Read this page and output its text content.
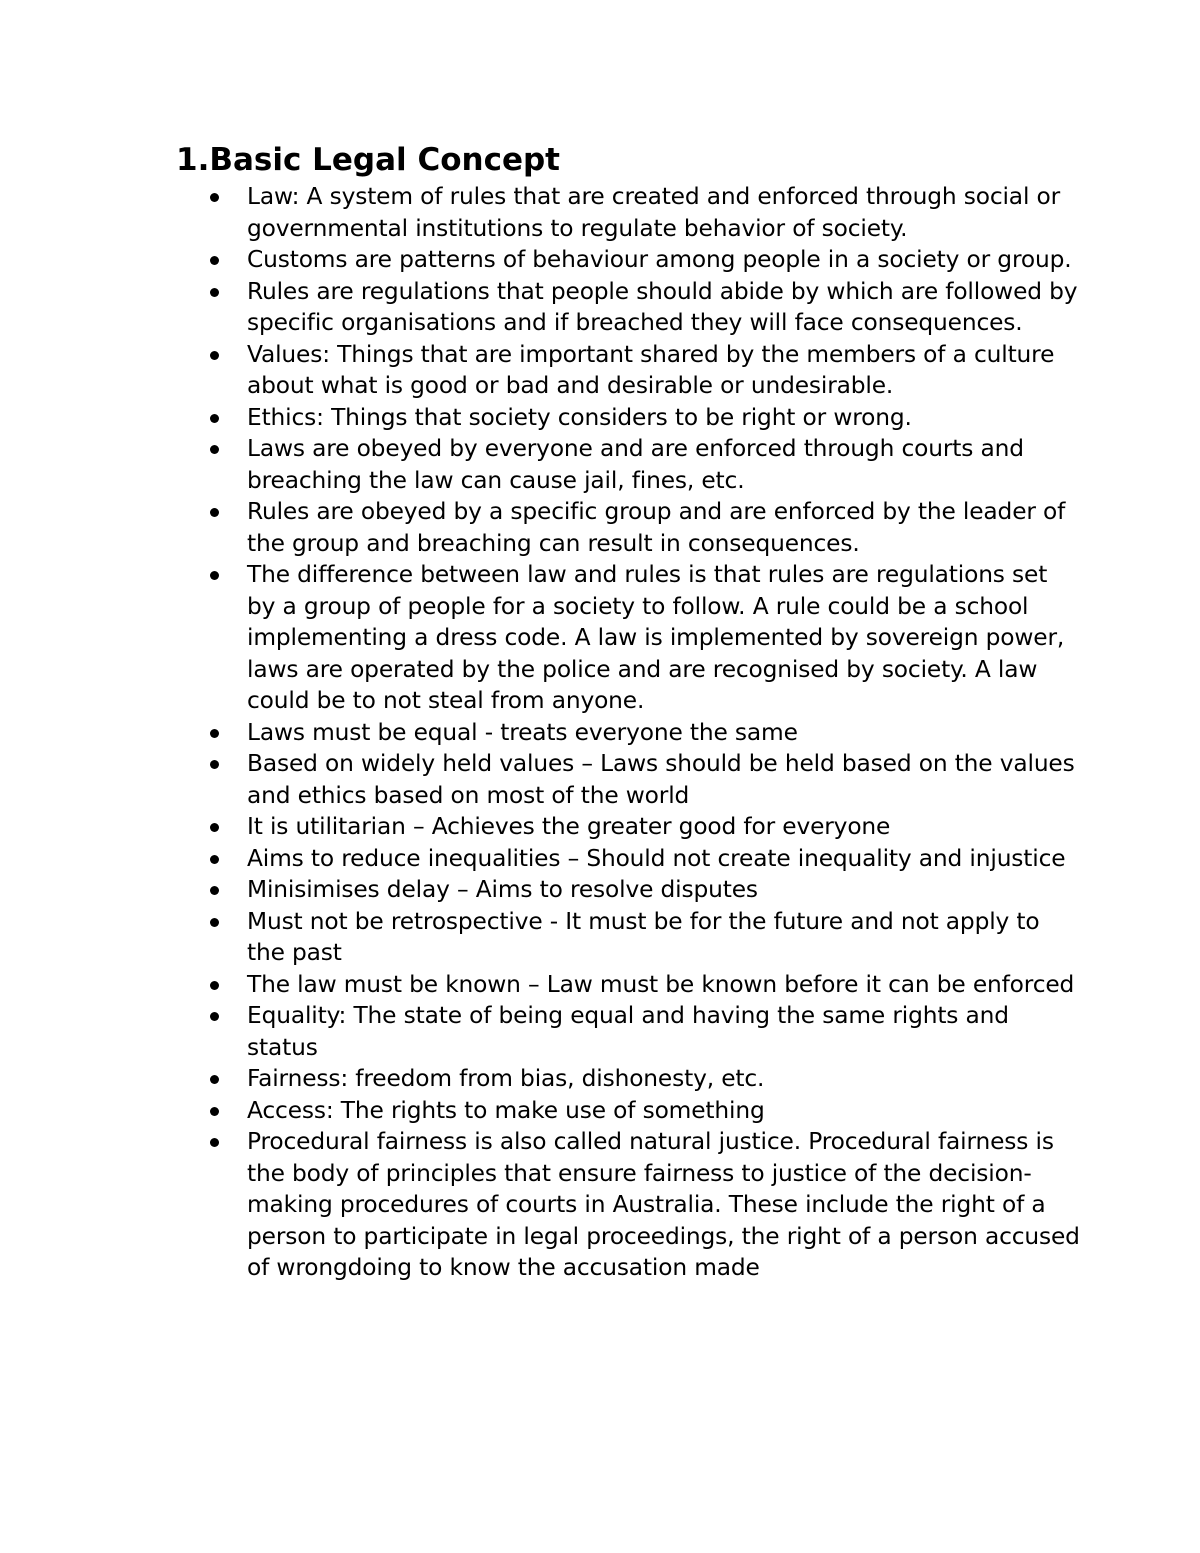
1.Basic Legal Concept
Law: A system of rules that are created and enforced through social or governmental institutions to regulate behavior of society.
Customs are patterns of behaviour among people in a society or group.
Rules are regulations that people should abide by which are followed by specific organisations and if breached they will face consequences.
Values: Things that are important shared by the members of a culture about what is good or bad and desirable or undesirable.
Ethics: Things that society considers to be right or wrong.
Laws are obeyed by everyone and are enforced through courts and breaching the law can cause jail, fines, etc.
Rules are obeyed by a specific group and are enforced by the leader of the group and breaching can result in consequences.
The difference between law and rules is that rules are regulations set by a group of people for a society to follow. A rule could be a school implementing a dress code. A law is implemented by sovereign power, laws are operated by the police and are recognised by society. A law could be to not steal from anyone.
Laws must be equal - treats everyone the same
Based on widely held values – Laws should be held based on the values and ethics based on most of the world
It is utilitarian – Achieves the greater good for everyone
Aims to reduce inequalities – Should not create inequality and injustice
Minisimises delay – Aims to resolve disputes
Must not be retrospective - It must be for the future and not apply to the past
The law must be known – Law must be known before it can be enforced
Equality: The state of being equal and having the same rights and status
Fairness: freedom from bias, dishonesty, etc.
Access: The rights to make use of something
Procedural fairness is also called natural justice. Procedural fairness is the body of principles that ensure fairness to justice of the decision-making procedures of courts in Australia. These include the right of a person to participate in legal proceedings, the right of a person accused of wrongdoing to know the accusation made
